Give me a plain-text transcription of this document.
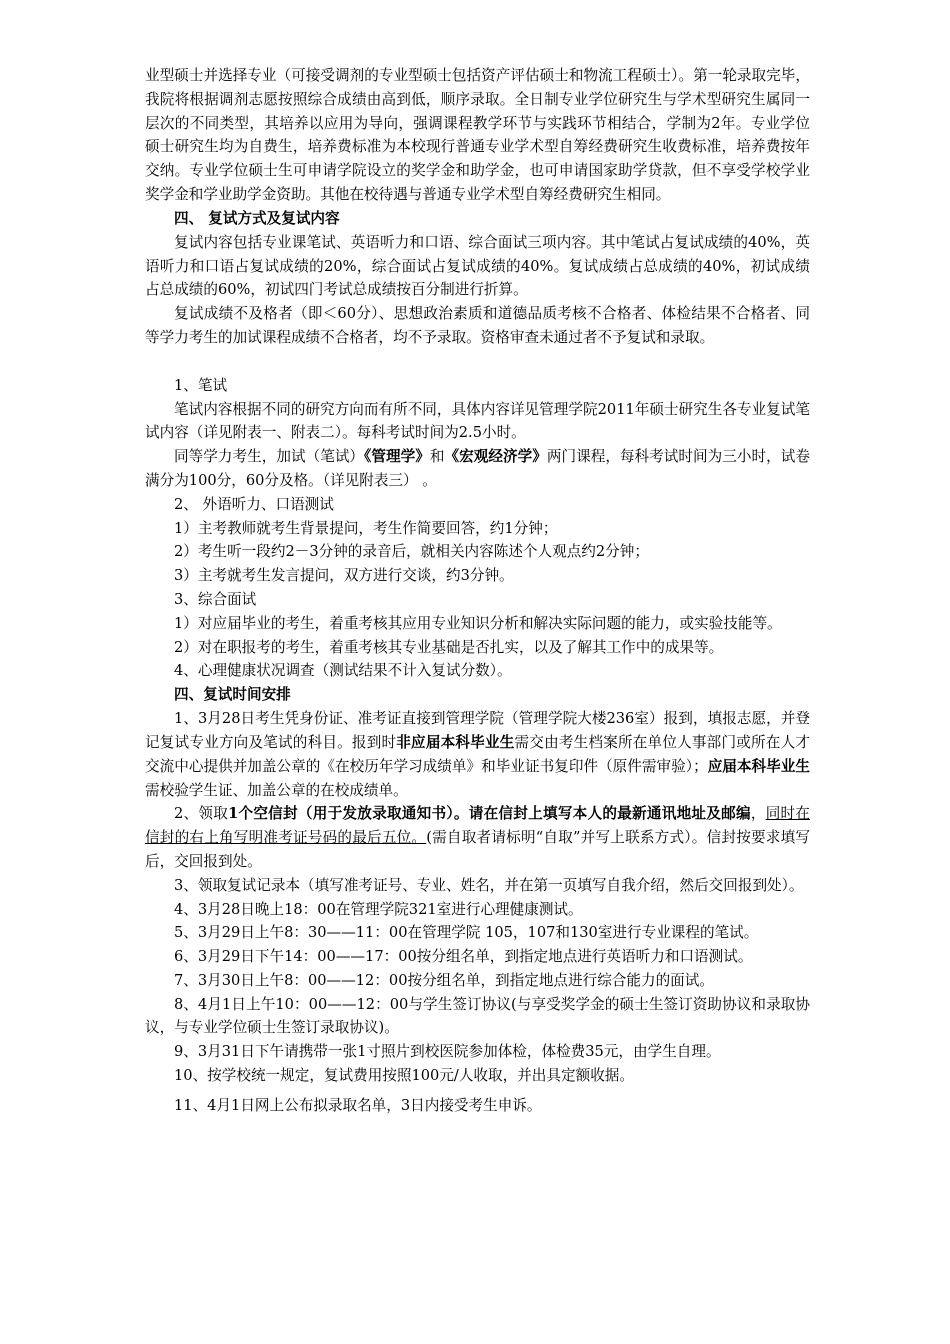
业型硕士并选择专业（可接受调剂的专业型硕士包括资产评估硕士和物流工程硕士）。第一轮录取完毕，我院将根据调剂志愿按照综合成绩由高到低，顺序录取。全日制专业学位研究生与学术型研究生属同一层次的不同类型，其培养以应用为导向，强调课程教学环节与实践环节相结合，学制为2年。专业学位硕士研究生均为自费生，培养费标准为本校现行普通专业学术型自筹经费研究生收费标准，培养费按年交纳。专业学位硕士生可申请学院设立的奖学金和助学金，也可申请国家助学贷款，但不享受学校学业奖学金和学业助学金资助。其他在校待遇与普通专业学术型自筹经费研究生相同。

四、 复试方式及复试内容

复试内容包括专业课笔试、英语听力和口语、综合面试三项内容。其中笔试占复试成绩的40%，英语听力和口语占复试成绩的20%，综合面试占复试成绩的40%。复试成绩占总成绩的40%，初试成绩占总成绩的60%，初试四门考试总成绩按百分制进行折算。

复试成绩不及格者（即＜60分）、思想政治素质和道德品质考核不合格者、体检结果不合格者、同等学力考生的加试课程成绩不合格者，均不予录取。资格审查未通过者不予复试和录取。

1、笔试

笔试内容根据不同的研究方向而有所不同，具体内容详见管理学院2011年硕士研究生各专业复试笔试内容（详见附表一、附表二）。每科考试时间为2.5小时。

同等学力考生，加试（笔试）《管理学》和《宏观经济学》两门课程，每科考试时间为三小时，试卷满分为100分，60分及格。（详见附表三） 。

2、 外语听力、口语测试

1）主考教师就考生背景提问，考生作简要回答，约1分钟；

2）考生听一段约2－3分钟的录音后，就相关内容陈述个人观点约2分钟；

3）主考就考生发言提问，双方进行交谈，约3分钟。

3、综合面试

1）对应届毕业的考生，着重考核其应用专业知识分析和解决实际问题的能力，或实验技能等。

2）对在职报考的考生，着重考核其专业基础是否扎实，以及了解其工作中的成果等。

4、心理健康状况调查（测试结果不计入复试分数）。

四、复试时间安排

1、3月28日考生凭身份证、准考证直接到管理学院（管理学院大楼236室）报到，填报志愿，并登记复试专业方向及笔试的科目。报到时非应届本科毕业生需交由考生档案所在单位人事部门或所在人才交流中心提供并加盖公章的《在校历年学习成绩单》和毕业证书复印件（原件需审验）；应届本科毕业生需校验学生证、加盖公章的在校成绩单。

2、领取1个空信封（用于发放录取通知书）。请在信封上填写本人的最新通讯地址及邮编，同时在信封的右上角写明准考证号码的最后五位。(需自取者请标明“自取”并写上联系方式）。信封按要求填写后，交回报到处。

3、领取复试记录本（填写准考证号、专业、姓名，并在第一页填写自我介绍，然后交回报到处）。

4、3月28日晚上18：00在管理学院321室进行心理健康测试。

5、3月29日上午8：30——11：00在管理学院 105，107和130室进行专业课程的笔试。

6、3月29日下午14：00——17：00按分组名单，到指定地点进行英语听力和口语测试。

7、3月30日上午8：00——12：00按分组名单，到指定地点进行综合能力的面试。

8、4月1日上午10：00——12：00与学生签订协议(与享受奖学金的硕士生签订资助协议和录取协议，与专业学位硕士生签订录取协议)。

9、3月31日下午请携带一张1寸照片到校医院参加体检，体检费35元，由学生自理。

10、按学校统一规定，复试费用按照100元/人收取，并出具定额收据。

11、4月1日网上公布拟录取名单，3日内接受考生申诉。
